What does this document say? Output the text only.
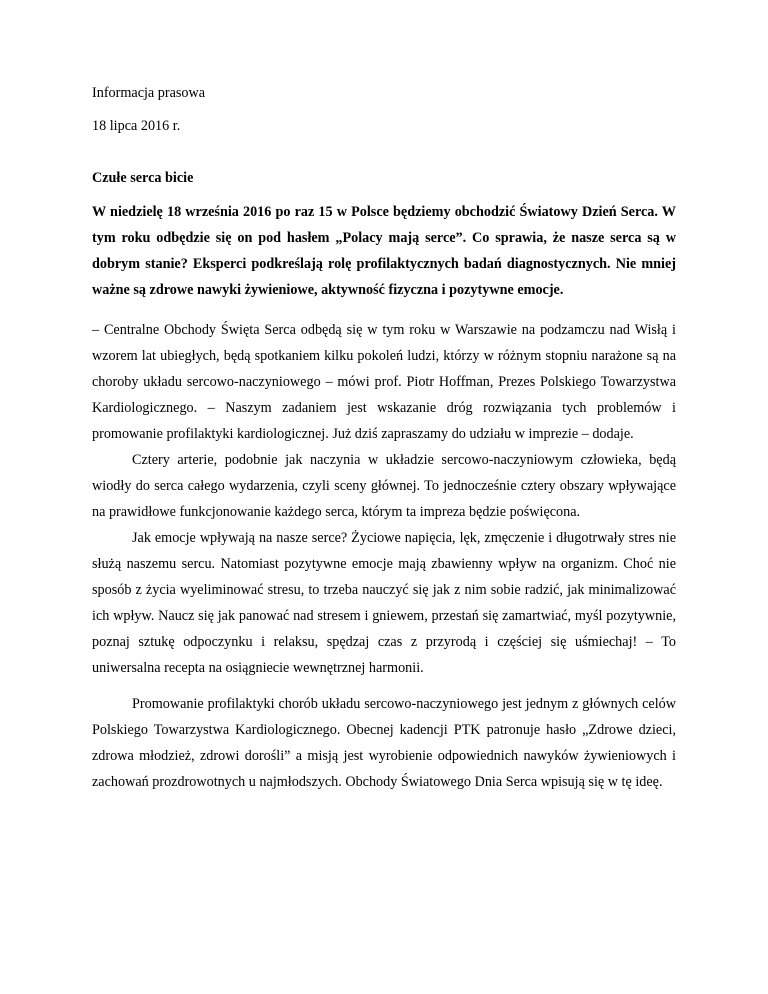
Informacja prasowa

18 lipca 2016 r.

Czułe serca bicie

W niedzielę 18 września 2016 po raz 15 w Polsce będziemy obchodzić Światowy Dzień Serca. W tym roku odbędzie się on pod hasłem „Polacy mają serce”. Co sprawia, że nasze serca są w dobrym stanie? Eksperci podkreślają rolę profilaktycznych badań diagnostycznych. Nie mniej ważne są zdrowe nawyki żywieniowe, aktywność fizyczna i pozytywne emocje.

– Centralne Obchody Święta Serca odbędą się w tym roku w Warszawie na podzamczu nad Wisłą i wzorem lat ubiegłych, będą spotkaniem kilku pokoleń ludzi, którzy w różnym stopniu narażone są na choroby układu sercowo-naczyniowego – mówi prof. Piotr Hoffman, Prezes Polskiego Towarzystwa Kardiologicznego. – Naszym zadaniem jest wskazanie dróg rozwiązania tych problemów i promowanie profilaktyki kardiologicznej. Już dziś zapraszamy do udziału w imprezie – dodaje.

Cztery arterie, podobnie jak naczynia w układzie sercowo-naczyniowym człowieka, będą wiodły do serca całego wydarzenia, czyli sceny głównej. To jednocześnie cztery obszary wpływające na prawidłowe funkcjonowanie każdego serca, którym ta impreza będzie poświęcona.

Jak emocje wpływają na nasze serce? Życiowe napięcia, lęk, zmęczenie i długotrwały stres nie służą naszemu sercu. Natomiast pozytywne emocje mają zbawienny wpływ na organizm. Choć nie sposób z życia wyeliminować stresu, to trzeba nauczyć się jak z nim sobie radzić, jak minimalizować ich wpływ. Naucz się jak panować nad stresem i gniewem, przestań się zamartwiać, myśl pozytywnie, poznaj sztukę odpoczynku i relaksu, spędzaj czas z przyrodą i częściej się uśmiechaj! – To uniwersalna recepta na osiągniecie wewnętrznej harmonii.

Promowanie profilaktyki chorób układu sercowo-naczyniowego jest jednym z głównych celów Polskiego Towarzystwa Kardiologicznego. Obecnej kadencji PTK patronuje hasło „Zdrowe dzieci, zdrowa młodzież, zdrowi dorośli” a misją jest wyrobienie odpowiednich nawyków żywieniowych i zachowań prozdrowotnych u najmłodszych. Obchody Światowego Dnia Serca wpisują się w tę ideę.
